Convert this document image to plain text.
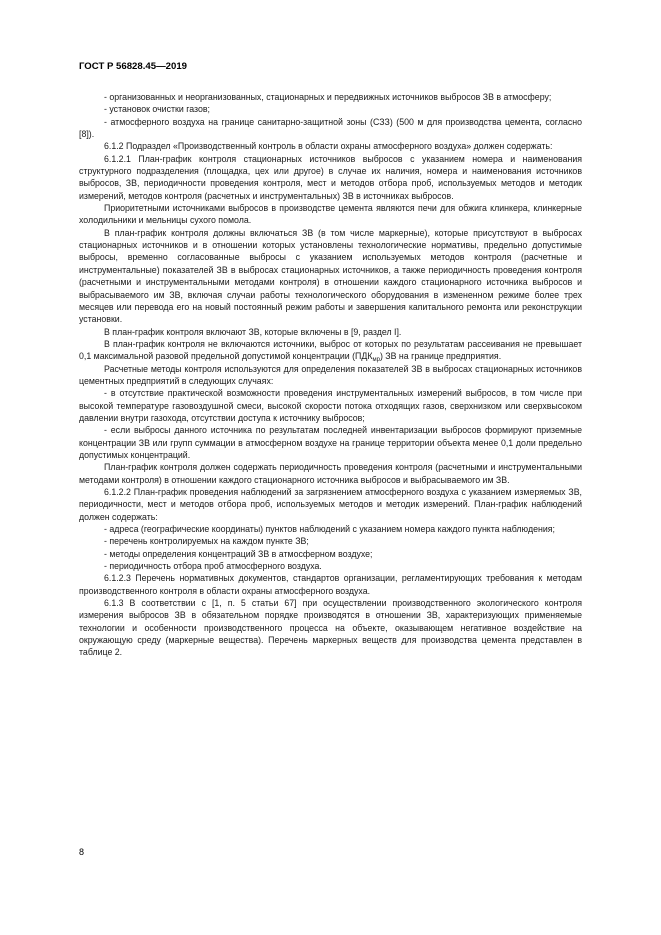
ГОСТ Р 56828.45—2019

- организованных и неорганизованных, стационарных и передвижных источников выбросов ЗВ в атмосферу;

- установок очистки газов;

- атмосферного воздуха на границе санитарно-защитной зоны (СЗЗ) (500 м для производства цемента, согласно [8]).

6.1.2 Подраздел «Производственный контроль в области охраны атмосферного воздуха» должен содержать:

6.1.2.1 План-график контроля стационарных источников выбросов с указанием номера и наименования структурного подразделения (площадка, цех или другое) в случае их наличия, номера и наименования источников выбросов, ЗВ, периодичности проведения контроля, мест и методов отбора проб, используемых методов и методик измерений, методов контроля (расчетных и инструментальных) ЗВ в источниках выбросов.

Приоритетными источниками выбросов в производстве цемента являются печи для обжига клинкера, клинкерные холодильники и мельницы сухого помола.

В план-график контроля должны включаться ЗВ (в том числе маркерные), которые присутствуют в выбросах стационарных источников и в отношении которых установлены технологические нормативы, предельно допустимые выбросы, временно согласованные выбросы с указанием используемых методов контроля (расчетные и инструментальные) показателей ЗВ в выбросах стационарных источников, а также периодичность проведения контроля (расчетными и инструментальными методами контроля) в отношении каждого стационарного источника выбросов и выбрасываемого им ЗВ, включая случаи работы технологического оборудования в измененном режиме более трех месяцев или перевода его на новый постоянный режим работы и завершения капитального ремонта или реконструкции установки.

В план-график контроля включают ЗВ, которые включены в [9, раздел I].

В план-график контроля не включаются источники, выброс от которых по результатам рассеивания не превышает 0,1 максимальной разовой предельной допустимой концентрации $(ПДК_{мр})$ ЗВ на границе предприятия.

Расчетные методы контроля используются для определения показателей ЗВ в выбросах стационарных источников цементных предприятий в следующих случаях:

- в отсутствие практической возможности проведения инструментальных измерений выбросов, в том числе при высокой температуре газовоздушной смеси, высокой скорости потока отходящих газов, сверхнизком или сверхвысоком давлении внутри газохода, отсутствии доступа к источнику выбросов;

- если выбросы данного источника по результатам последней инвентаризации выбросов формируют приземные концентрации ЗВ или групп суммации в атмосферном воздухе на границе территории объекта менее 0,1 доли предельно допустимых концентраций.

План-график контроля должен содержать периодичность проведения контроля (расчетными и инструментальными методами контроля) в отношении каждого стационарного источника выбросов и выбрасываемого им ЗВ.

6.1.2.2 План-график проведения наблюдений за загрязнением атмосферного воздуха с указанием измеряемых ЗВ, периодичности, мест и методов отбора проб, используемых методов и методик измерений. План-график наблюдений должен содержать:

- адреса (географические координаты) пунктов наблюдений с указанием номера каждого пункта наблюдения;

- перечень контролируемых на каждом пункте ЗВ;

- методы определения концентраций ЗВ в атмосферном воздухе;

- периодичность отбора проб атмосферного воздуха.

6.1.2.3 Перечень нормативных документов, стандартов организации, регламентирующих требования к методам производственного контроля в области охраны атмосферного воздуха.

6.1.3 В соответствии с [1, п. 5 статьи 67] при осуществлении производственного экологического контроля измерения выбросов ЗВ в обязательном порядке производятся в отношении ЗВ, характеризующих применяемые технологии и особенности производственного процесса на объекте, оказывающем негативное воздействие на окружающую среду (маркерные вещества). Перечень маркерных веществ для производства цемента представлен в таблице 2.

8
